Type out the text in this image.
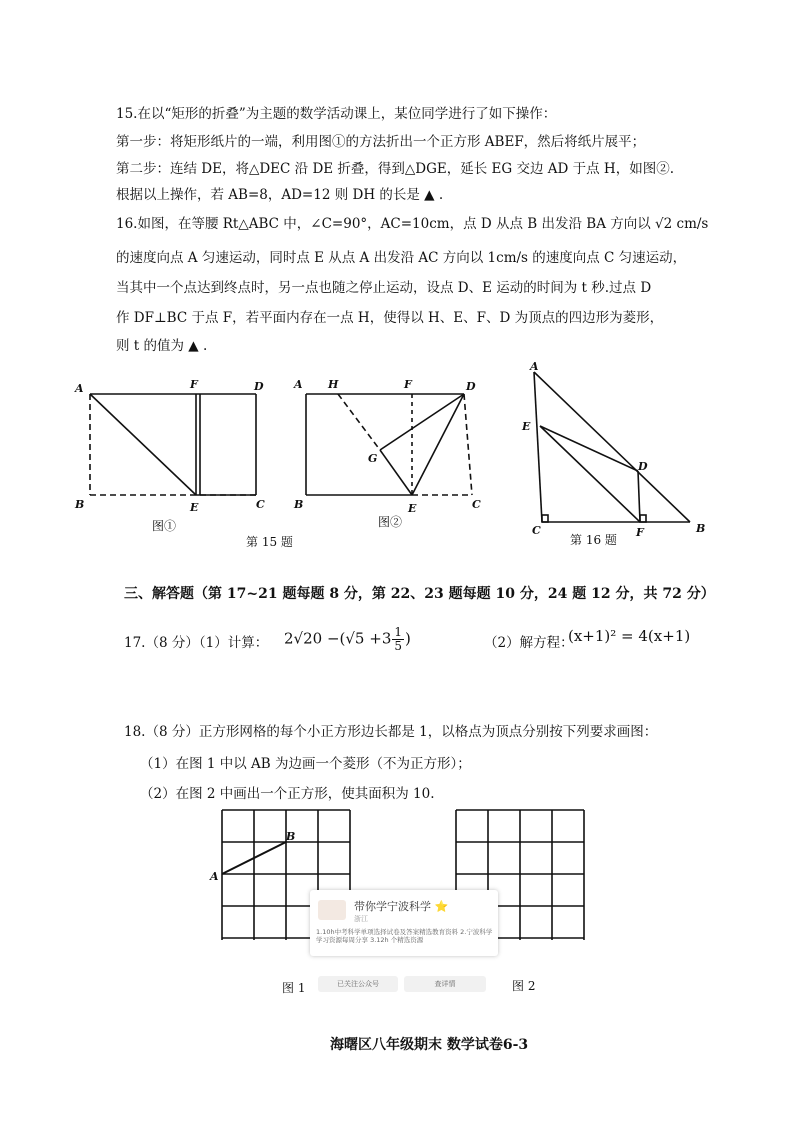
15.在以“矩形的折叠”为主题的数学活动课上，某位同学进行了如下操作：
第一步：将矩形纸片的一端，利用图①的方法折出一个正方形 ABEF，然后将纸片展平；
第二步：连结 DE，将△DEC 沿 DE 折叠，得到△DGE，延长 EG 交边 AD 于点 H，如图②.
根据以上操作，若 AB=8，AD=12 则 DH 的长是 ▲ .
16.如图，在等腰 Rt△ABC 中，∠C=90°，AC=10cm，点 D 从点 B 出发沿 BA 方向以 √2 cm/s
的速度向点 A 匀速运动，同时点 E 从点 A 出发沿 AC 方向以 1cm/s 的速度向点 C 匀速运动，
当其中一个点达到终点时，另一点也随之停止运动，设点 D、E 运动的时间为 t 秒.过点 D
作 DF⊥BC 于点 F，若平面内存在一点 H，使得以 H、E、F、D 为顶点的四边形为菱形，
则 t 的值为 ▲ .
A	F	D
B	E	C
图①
A H	F	D
G
B	E	C
图②
第 15 题
A
E
D
C	F	B
第 16 题
三、解答题（第 17~21 题每题 8 分，第 22、23 题每题 10 分，24 题 12 分，共 72 分）
17.（8 分）（1）计算： $2√20 -(√5 +3 \frac{1}{5}$ )	（2）解方程：
(x+1)² = 4(x+1)
18.（8 分）正方形网格的每个小正方形边长都是 1，以格点为顶点分别按下列要求画图：
（1）在图 1 中以 AB 为边画一个菱形（不为正方形）；
（2）在图 2 中画出一个正方形，使其面积为 10.
A
B
图 1	图 2
带你学宁波科学 ⭐
浙江
1.10h中考科学单项选择试卷及答案精选教育资料 2.宁波科学学习资源每周分享 3.12h 个精选资源
已关注公众号	查详情
海曙区八年级期末 数学试卷6-3
